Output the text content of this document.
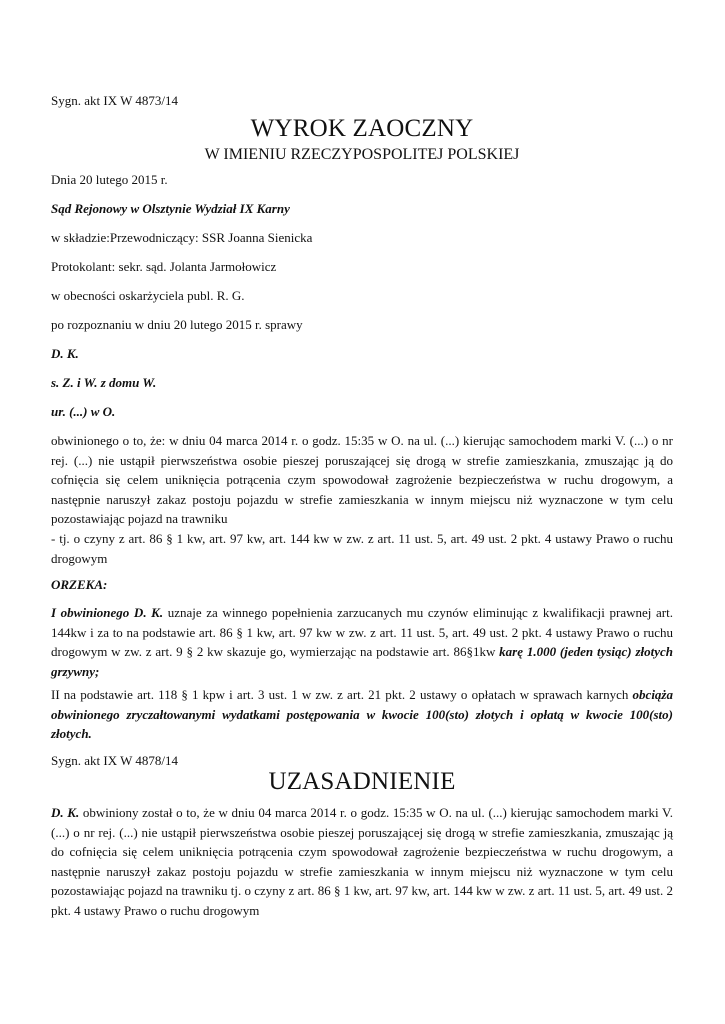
Sygn. akt IX W 4873/14
WYROK ZAOCZNY
W IMIENIU RZECZYPOSPOLITEJ POLSKIEJ
Dnia 20 lutego 2015 r.
Sąd Rejonowy w Olsztynie Wydział IX Karny
w składzie:Przewodniczący: SSR Joanna Sienicka
Protokolant: sekr. sąd. Jolanta Jarmołowicz
w obecności oskarżyciela publ. R. G.
po rozpoznaniu w dniu 20 lutego 2015 r. sprawy
D. K.
s. Z. i W. z domu W.
ur. (...) w O.
obwinionego o to, że: w dniu 04 marca 2014 r. o godz. 15:35 w O. na ul. (...) kierując samochodem marki V. (...) o nr rej. (...) nie ustąpił pierwszeństwa osobie pieszej poruszającej się drogą w strefie zamieszkania, zmuszając ją do cofnięcia się celem uniknięcia potrącenia czym spowodował zagrożenie bezpieczeństwa w ruchu drogowym, a następnie naruszył zakaz postoju pojazdu w strefie zamieszkania w innym miejscu niż wyznaczone w tym celu pozostawiając pojazd na trawniku
- tj. o czyny z art. 86 § 1 kw, art. 97 kw, art. 144 kw w zw. z art. 11 ust. 5, art. 49 ust. 2 pkt. 4 ustawy Prawo o ruchu drogowym
ORZEKA:
I obwinionego D. K. uznaje za winnego popełnienia zarzucanych mu czynów eliminując z kwalifikacji prawnej art. 144kw i za to na podstawie art. 86 § 1 kw, art. 97 kw w zw. z art. 11 ust. 5, art. 49 ust. 2 pkt. 4 ustawy Prawo o ruchu drogowym w zw. z art. 9 § 2 kw skazuje go, wymierzając na podstawie art. 86§1kw karę 1.000 (jeden tysiąc) złotych grzywny;
II na podstawie art. 118 § 1 kpw i art. 3 ust. 1 w zw. z art. 21 pkt. 2 ustawy o opłatach w sprawach karnych obciąża obwinionego zryczałtowanymi wydatkami postępowania w kwocie 100(sto) złotych i opłatą w kwocie 100(sto) złotych.
Sygn. akt IX W 4878/14
UZASADNIENIE
D. K. obwiniony został o to, że w dniu 04 marca 2014 r. o godz. 15:35 w O. na ul. (...) kierując samochodem marki V. (...) o nr rej. (...) nie ustąpił pierwszeństwa osobie pieszej poruszającej się drogą w strefie zamieszkania, zmuszając ją do cofnięcia się celem uniknięcia potrącenia czym spowodował zagrożenie bezpieczeństwa w ruchu drogowym, a następnie naruszył zakaz postoju pojazdu w strefie zamieszkania w innym miejscu niż wyznaczone w tym celu pozostawiając pojazd na trawniku tj. o czyny z art. 86 § 1 kw, art. 97 kw, art. 144 kw w zw. z art. 11 ust. 5, art. 49 ust. 2 pkt. 4 ustawy Prawo o ruchu drogowym
